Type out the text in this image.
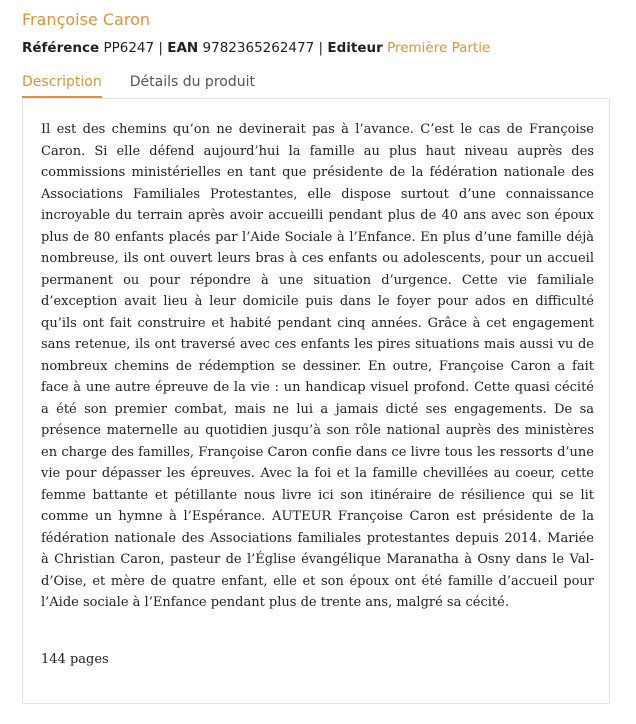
Françoise Caron
Référence PP6247 | EAN 9782365262477 | Editeur Première Partie
Description Détails du produit

Il est des chemins qu’on ne devinerait pas à l’avance. C’est le cas de Françoise Caron. Si elle défend aujourd’hui la famille au plus haut niveau auprès des commissions ministérielles en tant que présidente de la fédération nationale des Associations Familiales Protestantes, elle dispose surtout d’une connaissance incroyable du terrain après avoir accueilli pendant plus de 40 ans avec son époux plus de 80 enfants placés par l’Aide Sociale à l’Enfance. En plus d’une famille déjà nombreuse, ils ont ouvert leurs bras à ces enfants ou adolescents, pour un accueil permanent ou pour répondre à une situation d’urgence. Cette vie familiale d’exception avait lieu à leur domicile puis dans le foyer pour ados en difficulté qu’ils ont fait construire et habité pendant cinq années. Grâce à cet engagement sans retenue, ils ont traversé avec ces enfants les pires situations mais aussi vu de nombreux chemins de rédemption se dessiner. En outre, Françoise Caron a fait face à une autre épreuve de la vie : un handicap visuel profond. Cette quasi cécité a été son premier combat, mais ne lui a jamais dicté ses engagements. De sa présence maternelle au quotidien jusqu’à son rôle national auprès des ministères en charge des familles, Françoise Caron confie dans ce livre tous les ressorts d’une vie pour dépasser les épreuves. Avec la foi et la famille chevillées au coeur, cette femme battante et pétillante nous livre ici son itinéraire de résilience qui se lit comme un hymne à l’Espérance. AUTEUR Françoise Caron est présidente de la fédération nationale des Associations familiales protestantes depuis 2014. Mariée à Christian Caron, pasteur de l’Église évangélique Maranatha à Osny dans le Val-d’Oise, et mère de quatre enfant, elle et son époux ont été famille d’accueil pour l’Aide sociale à l’Enfance pendant plus de trente ans, malgré sa cécité.

144 pages
